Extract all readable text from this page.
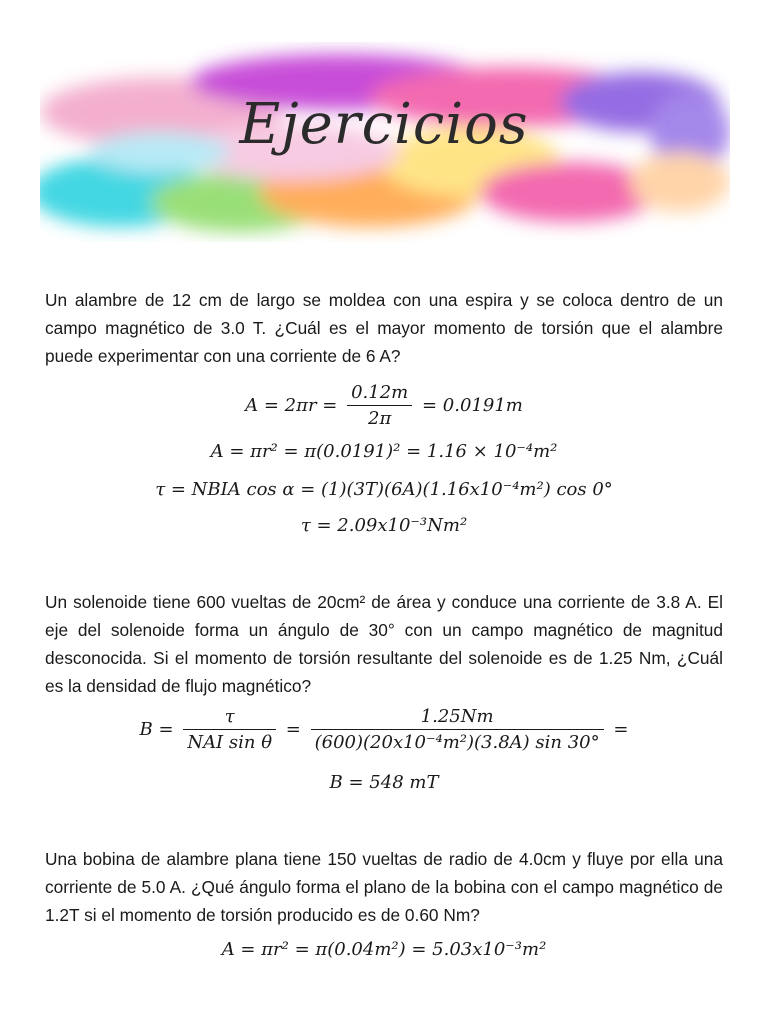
Ejercicios

Un alambre de 12 cm de largo se moldea con una espira y se coloca dentro de un campo magnético de 3.0 T. ¿Cuál es el mayor momento de torsión que el alambre puede experimentar con una corriente de 6 A?

$A = 2\pi r = \frac{0.12m}{2\pi} = 0.0191m$
A = πr² = π(0.0191)² = 1.16 × 10⁻⁴m²
τ = NBIA cos α = (1)(3T)(6A)(1.16x10⁻⁴m²) cos 0°
τ = 2.09x10⁻³Nm²

Un solenoide tiene 600 vueltas de 20cm² de área y conduce una corriente de 3.8 A. El eje del solenoide forma un ángulo de 30° con un campo magnético de magnitud desconocida. Si el momento de torsión resultante del solenoide es de 1.25 Nm, ¿Cuál es la densidad de flujo magnético?

$B = \frac{\tau}{\text{NAI sin θ}} = \frac{1.25Nm}{\text{(600)(20x10⁻⁴m²)(3.8A) sin 30°}}$ =
B = 548 mT

Una bobina de alambre plana tiene 150 vueltas de radio de 4.0cm y fluye por ella una corriente de 5.0 A. ¿Qué ángulo forma el plano de la bobina con el campo magnético de 1.2T si el momento de torsión producido es de 0.60 Nm?

A = πr² = π(0.04m²) = 5.03x10⁻³m²
